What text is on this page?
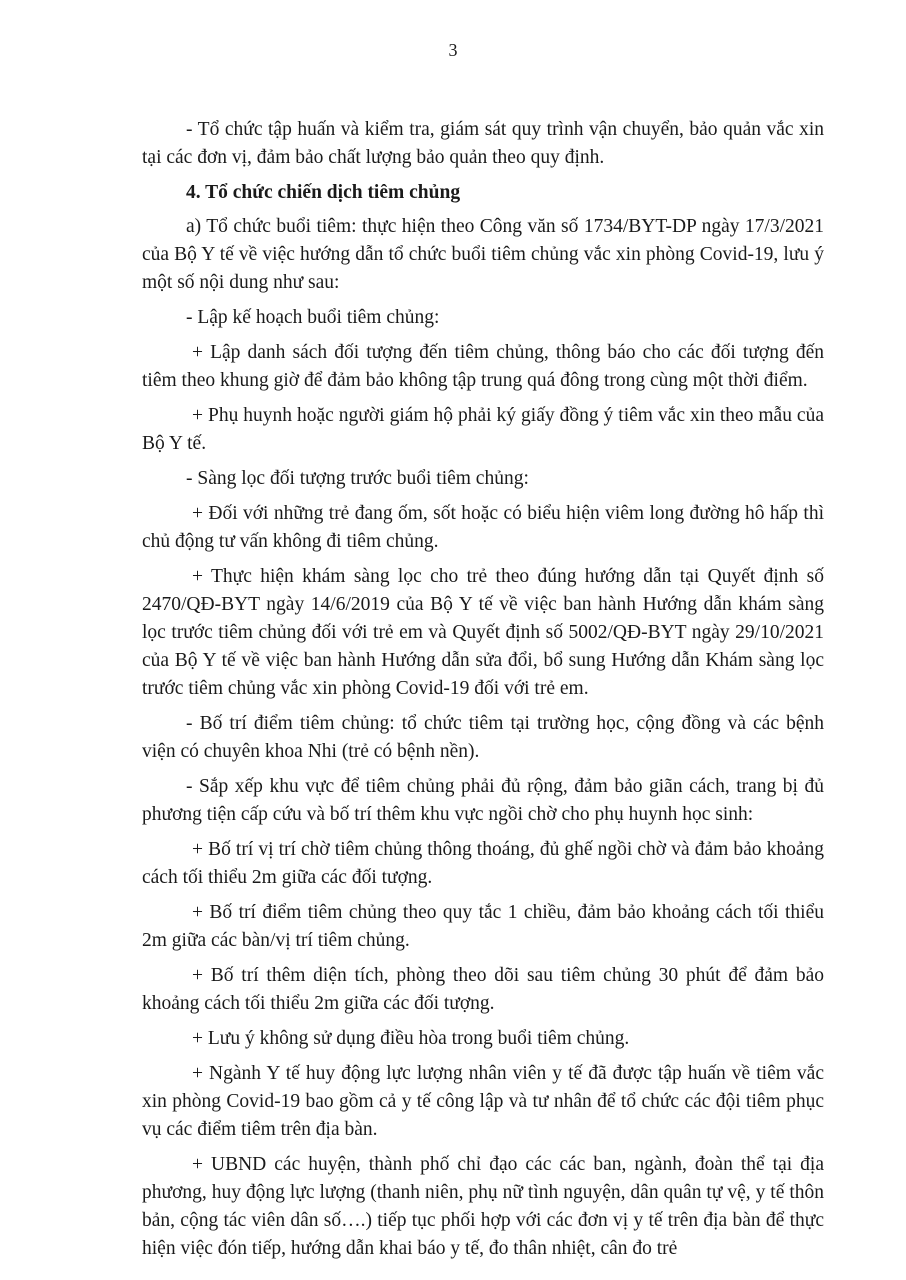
3

- Tổ chức tập huấn và kiểm tra, giám sát quy trình vận chuyển, bảo quản vắc xin tại các đơn vị, đảm bảo chất lượng bảo quản theo quy định.

4. Tổ chức chiến dịch tiêm chủng

a) Tổ chức buổi tiêm: thực hiện theo Công văn số 1734/BYT-DP ngày 17/3/2021 của Bộ Y tế về việc hướng dẫn tổ chức buổi tiêm chủng vắc xin phòng Covid-19, lưu ý một số nội dung như sau:

- Lập kế hoạch buổi tiêm chủng:

+ Lập danh sách đối tượng đến tiêm chủng, thông báo cho các đối tượng đến tiêm theo khung giờ để đảm bảo không tập trung quá đông trong cùng một thời điểm.

+ Phụ huynh hoặc người giám hộ phải ký giấy đồng ý tiêm vắc xin theo mẫu của Bộ Y tế.

- Sàng lọc đối tượng trước buổi tiêm chủng:

+ Đối với những trẻ đang ốm, sốt hoặc có biểu hiện viêm long đường hô hấp thì chủ động tư vấn không đi tiêm chủng.

+ Thực hiện khám sàng lọc cho trẻ theo đúng hướng dẫn tại Quyết định số 2470/QĐ-BYT ngày 14/6/2019 của Bộ Y tế về việc ban hành Hướng dẫn khám sàng lọc trước tiêm chủng đối với trẻ em và Quyết định số 5002/QĐ-BYT ngày 29/10/2021 của Bộ Y tế về việc ban hành Hướng dẫn sửa đổi, bổ sung Hướng dẫn Khám sàng lọc trước tiêm chủng vắc xin phòng Covid-19 đối với trẻ em.

- Bố trí điểm tiêm chủng: tổ chức tiêm tại trường học, cộng đồng và các bệnh viện có chuyên khoa Nhi (trẻ có bệnh nền).

- Sắp xếp khu vực để tiêm chủng phải đủ rộng, đảm bảo giãn cách, trang bị đủ phương tiện cấp cứu và bố trí thêm khu vực ngồi chờ cho phụ huynh học sinh:

+ Bố trí vị trí chờ tiêm chủng thông thoáng, đủ ghế ngồi chờ và đảm bảo khoảng cách tối thiểu 2m giữa các đối tượng.

+ Bố trí điểm tiêm chủng theo quy tắc 1 chiều, đảm bảo khoảng cách tối thiểu 2m giữa các bàn/vị trí tiêm chủng.

+ Bố trí thêm diện tích, phòng theo dõi sau tiêm chủng 30 phút để đảm bảo khoảng cách tối thiểu 2m giữa các đối tượng.

+ Lưu ý không sử dụng điều hòa trong buổi tiêm chủng.

+ Ngành Y tế huy động lực lượng nhân viên y tế đã được tập huấn về tiêm vắc xin phòng Covid-19 bao gồm cả y tế công lập và tư nhân để tổ chức các đội tiêm phục vụ các điểm tiêm trên địa bàn.

+ UBND các huyện, thành phố chỉ đạo các các ban, ngành, đoàn thể tại địa phương, huy động lực lượng (thanh niên, phụ nữ tình nguyện, dân quân tự vệ, y tế thôn bản, cộng tác viên dân số….) tiếp tục phối hợp với các đơn vị y tế trên địa bàn để thực hiện việc đón tiếp, hướng dẫn khai báo y tế, đo thân nhiệt, cân đo trẻ
